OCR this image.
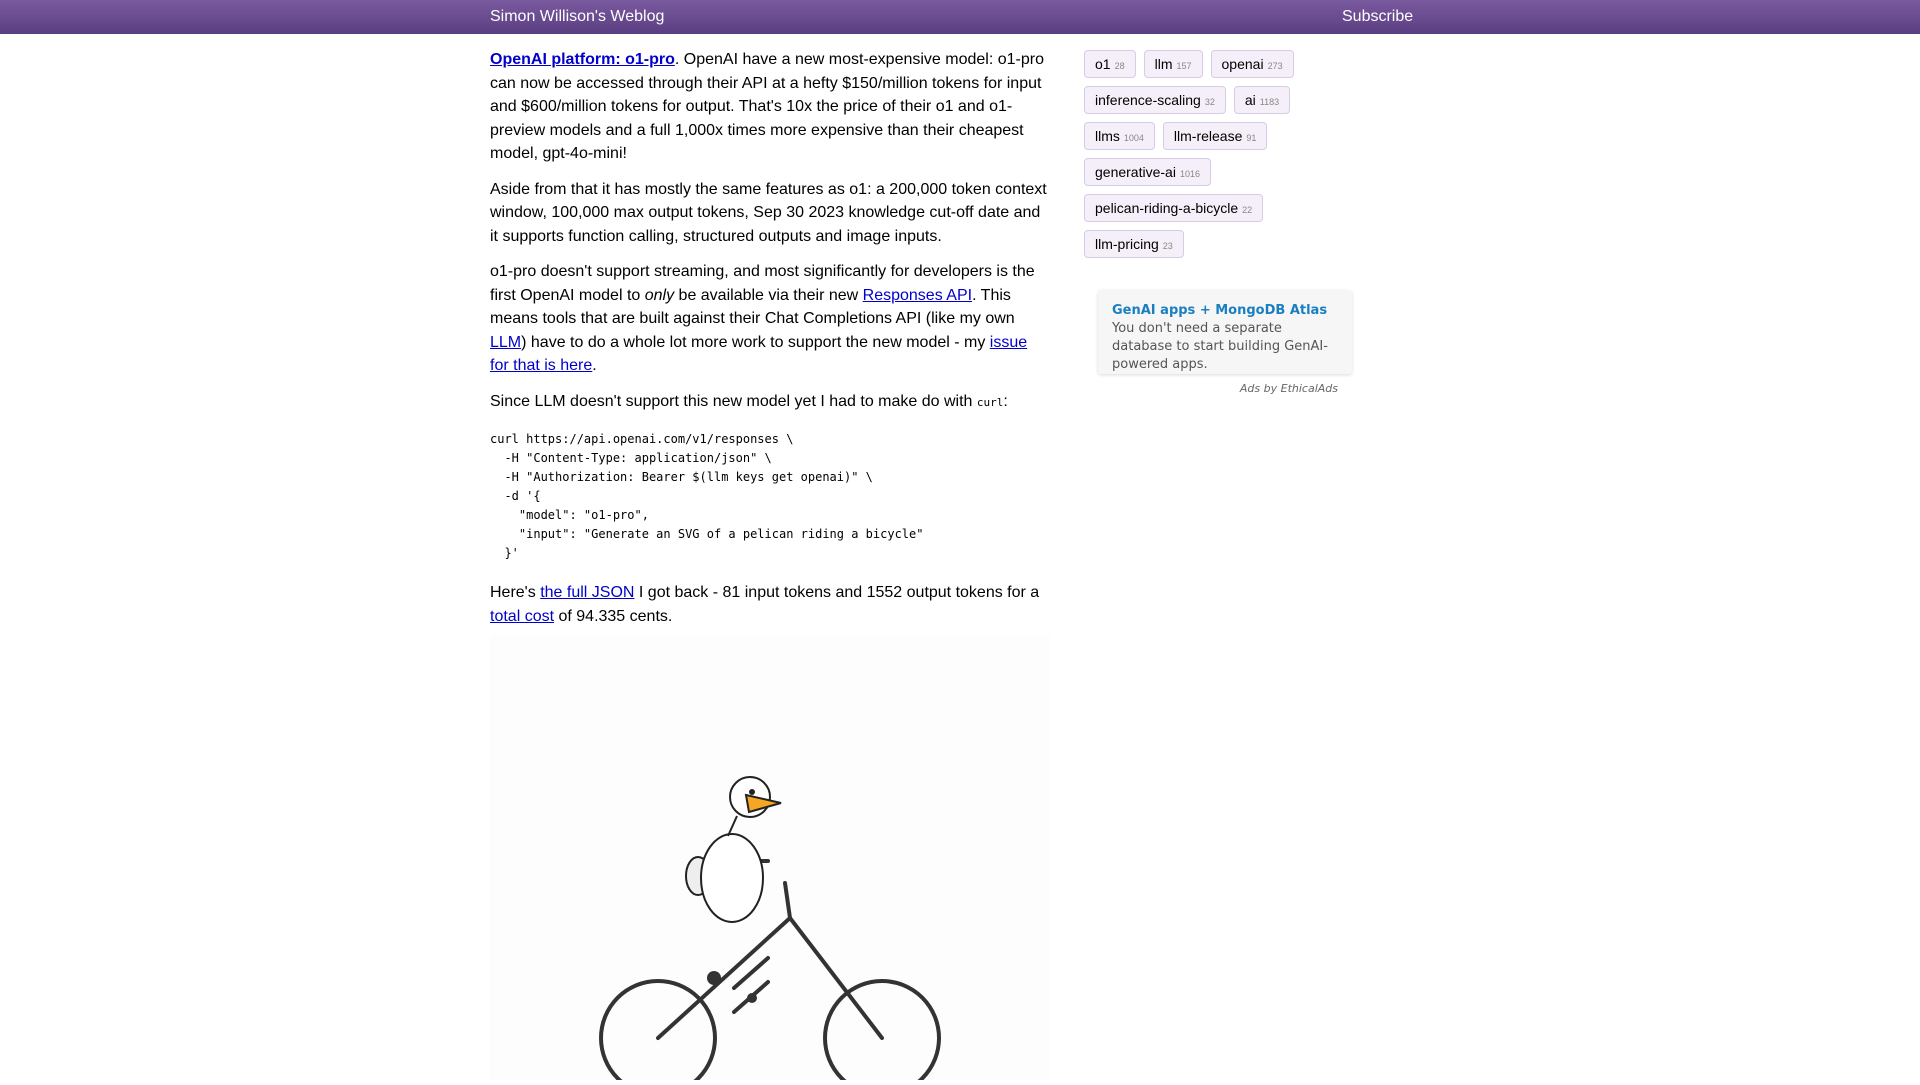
Simon Willison's Weblog	Subscribe

OpenAI platform: o1-pro. OpenAI have a new most-expensive model: o1-pro can now be accessed through their API at a hefty $150/million tokens for input and $600/million tokens for output. That's 10x the price of their o1 and o1-preview models and a full 1,000x times more expensive than their cheapest model, gpt-4o-mini!

Aside from that it has mostly the same features as o1: a 200,000 token context window, 100,000 max output tokens, Sep 30 2023 knowledge cut-off date and it supports function calling, structured outputs and image inputs.

o1-pro doesn't support streaming, and most significantly for developers is the first OpenAI model to only be available via their new Responses API. This means tools that are built against their Chat Completions API (like my own LLM) have to do a whole lot more work to support the new model - my issue for that is here.

Since LLM doesn't support this new model yet I had to make do with curl:

curl https://api.openai.com/v1/responses \
-H "Content-Type: application/json" \
-H "Authorization: Bearer $(llm keys get openai)" \
-d '{
"model": "o1-pro",
"input": "Generate an SVG of a pelican riding a bicycle"
}'

Here's the full JSON I got back - 81 input tokens and 1552 output tokens for a total cost of 94.335 cents.

o1 28	llm 157	openai 273
inference-scaling 32	ai 1183
llms 1004	llm-release 91
generative-ai 1016
pelican-riding-a-bicycle 22
llm-pricing 23
GenAI apps + MongoDB Atlas You don't need a separate database to start building GenAI-powered apps.
Ads by EthicalAds
